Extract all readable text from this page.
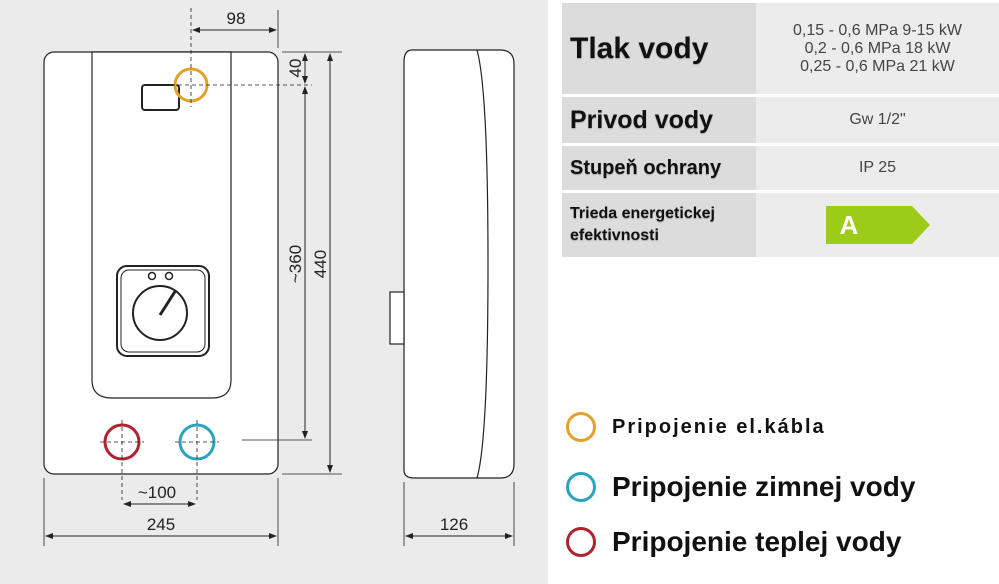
98
40
~360 440
~100
245	126
Tlak vody	0,15 - 0,6 MPa 9-15 kW
0,2 - 0,6 MPa 18 kW
0,25 - 0,6 MPa 21 kW

Privod vody	Gw 1/2"
Stupeň ochrany	IP 25

Trieda energetickej
efektivnosti	A
Pripojenie el.kábla
Pripojenie zimnej vody
Pripojenie teplej vody
